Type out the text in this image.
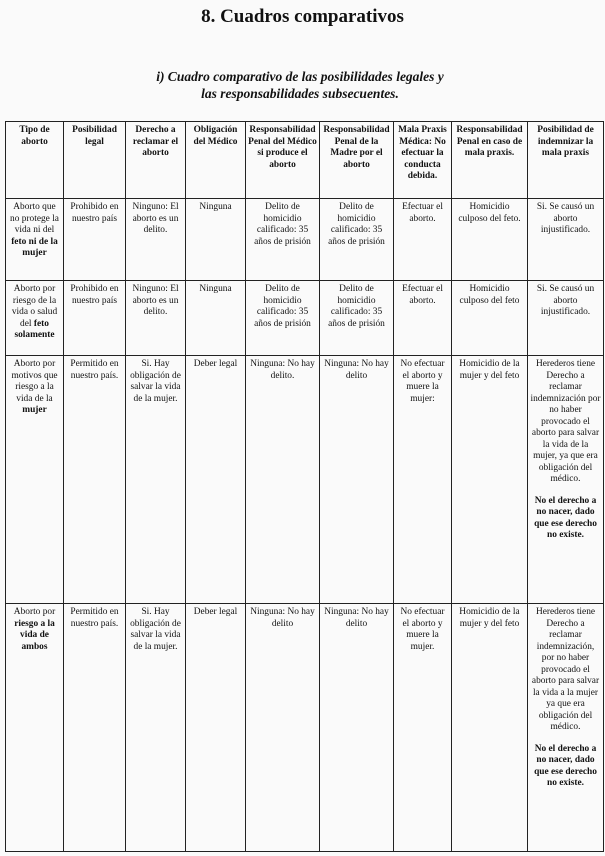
8. Cuadros comparativos
i) Cuadro comparativo de las posibilidades legales y
las responsabilidades subsecuentes.
Tipo de aborto	Posibilidad legal	Derecho a reclamar el aborto	Obligación del Médico	Responsabilidad Penal del Médico si produce el aborto	Responsabilidad Penal de la Madre por el aborto	Mala Praxis Médica: No efectuar la conducta debida.	Responsabilidad Penal en caso de mala praxis.	Posibilidad de indemnizar la mala praxis
Aborto que no protege la vida ni del feto ni de la mujer	Prohibido en nuestro país	Ninguno: El aborto es un delito.	Ninguna	Delito de homicidio calificado: 35 años de prisión	Delito de homicidio calificado: 35 años de prisión	Efectuar el aborto.	Homicidio culposo del feto.	Si. Se causó un aborto injustificado.
Aborto por riesgo de la vida o salud del feto solamente	Prohibido en nuestro país	Ninguno: El aborto es un delito.	Ninguna	Delito de homicidio calificado: 35 años de prisión	Delito de homicidio calificado: 35 años de prisión	Efectuar el aborto.	Homicidio culposo del feto	Si. Se causó un aborto injustificado.
Aborto por motivos que riesgo a la vida de la mujer	Permitido en nuestro país.	Si. Hay obligación de salvar la vida de la mujer.	Deber legal	Ninguna: No hay delito.	Ninguna: No hay delito	No efectuar el aborto y muere la mujer:	Homicidio de la mujer y del feto	Herederos tiene Derecho a reclamar indemnización por no haber provocado el aborto para salvar la vida de la mujer, ya que era obligación del médico.
No el derecho a no nacer, dado que ese derecho no existe.

Aborto por riesgo a la vida de ambos	Permitido en nuestro país.	Si. Hay obligación de salvar la vida de la mujer.	Deber legal	Ninguna: No hay delito	Ninguna: No hay delito	No efectuar el aborto y muere la mujer.	Homicidio de la mujer y del feto	Herederos tiene Derecho a reclamar indemnización, por no haber provocado el aborto para salvar la vida a la mujer ya que era obligación del médico.
No el derecho a no nacer, dado que ese derecho no existe.
